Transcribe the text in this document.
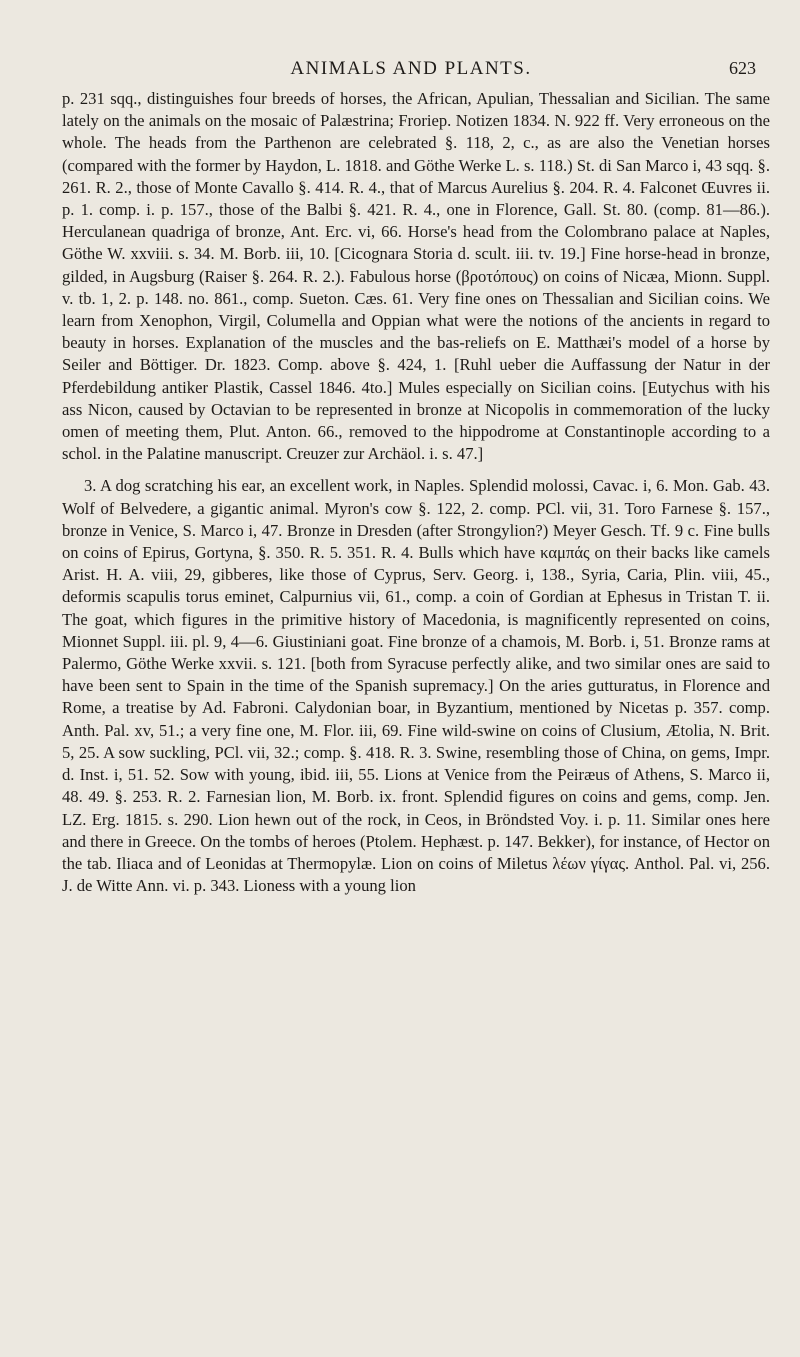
ANIMALS AND PLANTS.	623

p. 231 sqq., distinguishes four breeds of horses, the African, Apulian, Thessalian and Sicilian. The same lately on the animals on the mosaic of Palæstrina; Froriep. Notizen 1834. N. 922 ff. Very erroneous on the whole. The heads from the Parthenon are celebrated §. 118, 2, c., as are also the Venetian horses (compared with the former by Haydon, L. 1818. and Göthe Werke L. s. 118.) St. di San Marco i, 43 sqq. §. 261. R. 2., those of Monte Cavallo §. 414. R. 4., that of Marcus Aurelius §. 204. R. 4. Falconet Œuvres ii. p. 1. comp. i. p. 157., those of the Balbi §. 421. R. 4., one in Florence, Gall. St. 80. (comp. 81—86.). Herculanean quadriga of bronze, Ant. Erc. vi, 66. Horse's head from the Colombrano palace at Naples, Göthe W. xxviii. s. 34. M. Borb. iii, 10. [Cicognara Storia d. scult. iii. tv. 19.] Fine horse-head in bronze, gilded, in Augsburg (Raiser §. 264. R. 2.). Fabulous horse (βροτόπους) on coins of Nicæa, Mionn. Suppl. v. tb. 1, 2. p. 148. no. 861., comp. Sueton. Cæs. 61. Very fine ones on Thessalian and Sicilian coins. We learn from Xenophon, Virgil, Columella and Oppian what were the notions of the ancients in regard to beauty in horses. Explanation of the muscles and the bas-reliefs on E. Matthæi's model of a horse by Seiler and Böttiger. Dr. 1823. Comp. above §. 424, 1. [Ruhl ueber die Auffassung der Natur in der Pferdebildung antiker Plastik, Cassel 1846. 4to.] Mules especially on Sicilian coins. [Eutychus with his ass Nicon, caused by Octavian to be represented in bronze at Nicopolis in commemoration of the lucky omen of meeting them, Plut. Anton. 66., removed to the hippodrome at Constantinople according to a schol. in the Palatine manuscript. Creuzer zur Archäol. i. s. 47.]

3. A dog scratching his ear, an excellent work, in Naples. Splendid molossi, Cavac. i, 6. Mon. Gab. 43. Wolf of Belvedere, a gigantic animal. Myron's cow §. 122, 2. comp. PCl. vii, 31. Toro Farnese §. 157., bronze in Venice, S. Marco i, 47. Bronze in Dresden (after Strongylion?) Meyer Gesch. Tf. 9 c. Fine bulls on coins of Epirus, Gortyna, §. 350. R. 5. 351. R. 4. Bulls which have καμπάς on their backs like camels Arist. H. A. viii, 29, gibberes, like those of Cyprus, Serv. Georg. i, 138., Syria, Caria, Plin. viii, 45., deformis scapulis torus eminet, Calpurnius vii, 61., comp. a coin of Gordian at Ephesus in Tristan T. ii. The goat, which figures in the primitive history of Macedonia, is magnificently represented on coins, Mionnet Suppl. iii. pl. 9, 4—6. Giustiniani goat. Fine bronze of a chamois, M. Borb. i, 51. Bronze rams at Palermo, Göthe Werke xxvii. s. 121. [both from Syracuse perfectly alike, and two similar ones are said to have been sent to Spain in the time of the Spanish supremacy.] On the aries gutturatus, in Florence and Rome, a treatise by Ad. Fabroni. Calydonian boar, in Byzantium, mentioned by Nicetas p. 357. comp. Anth. Pal. xv, 51.; a very fine one, M. Flor. iii, 69. Fine wild-swine on coins of Clusium, Ætolia, N. Brit. 5, 25. A sow suckling, PCl. vii, 32.; comp. §. 418. R. 3. Swine, resembling those of China, on gems, Impr. d. Inst. i, 51. 52. Sow with young, ibid. iii, 55. Lions at Venice from the Peiræus of Athens, S. Marco ii, 48. 49. §. 253. R. 2. Farnesian lion, M. Borb. ix. front. Splendid figures on coins and gems, comp. Jen. LZ. Erg. 1815. s. 290. Lion hewn out of the rock, in Ceos, in Bröndsted Voy. i. p. 11. Similar ones here and there in Greece. On the tombs of heroes (Ptolem. Hephæst. p. 147. Bekker), for instance, of Hector on the tab. Iliaca and of Leonidas at Thermopylæ. Lion on coins of Miletus λέων γίγας. Anthol. Pal. vi, 256. J. de Witte Ann. vi. p. 343. Lioness with a young lion
